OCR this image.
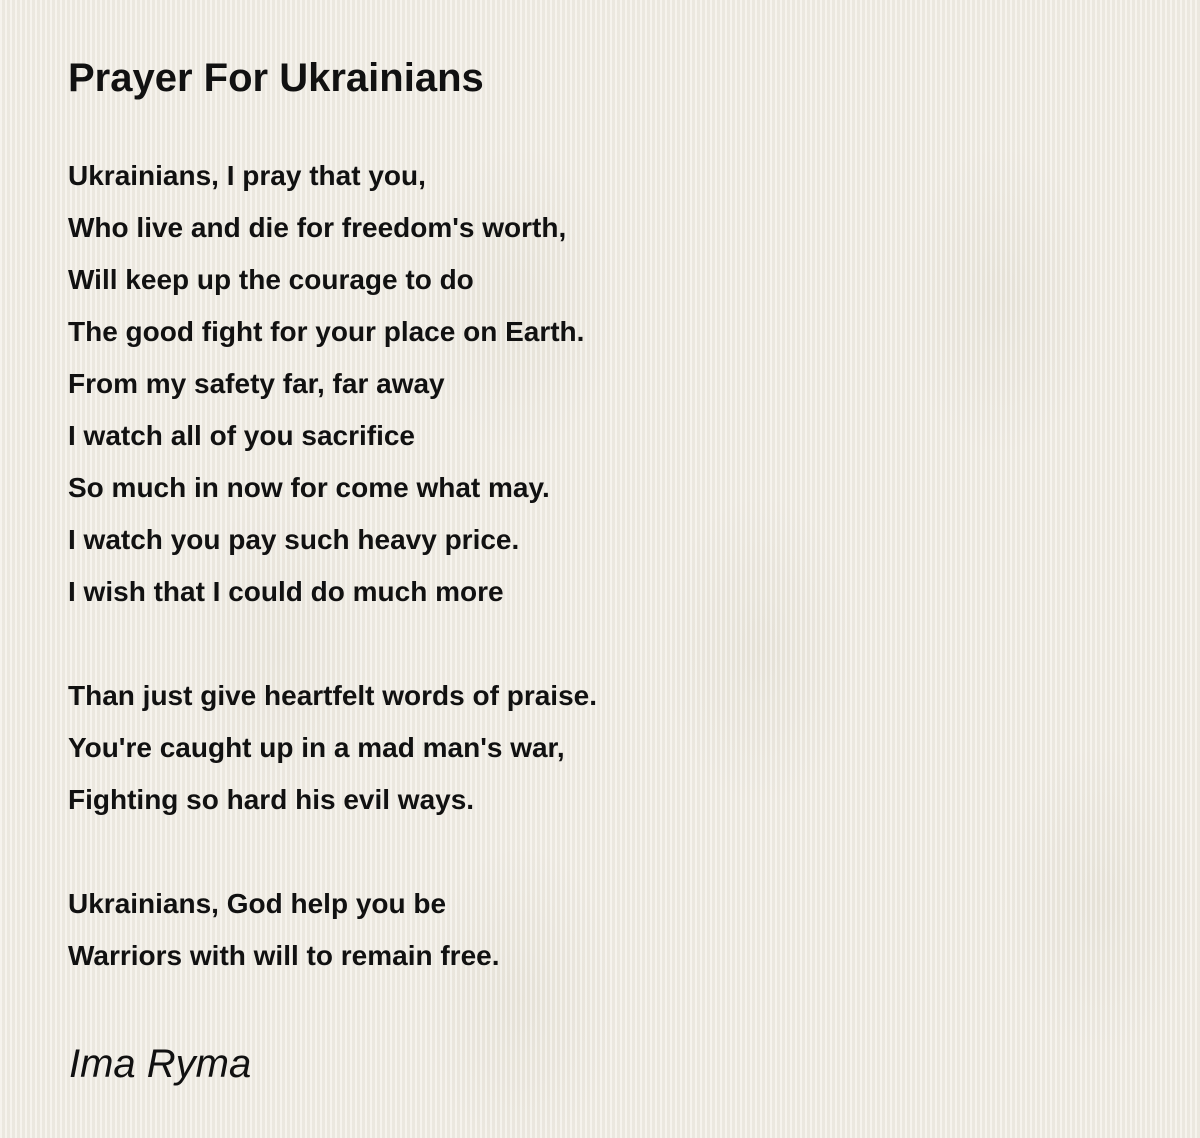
Prayer For Ukrainians
Ukrainians, I pray that you,
Who live and die for freedom's worth,
Will keep up the courage to do
The good fight for your place on Earth.
From my safety far, far away
I watch all of you sacrifice
So much in now for come what may.
I watch you pay such heavy price.
I wish that I could do much more
Than just give heartfelt words of praise.
You're caught up in a mad man's war,
Fighting so hard his evil ways.
Ukrainians, God help you be
Warriors with will to remain free.

Ima Ryma
